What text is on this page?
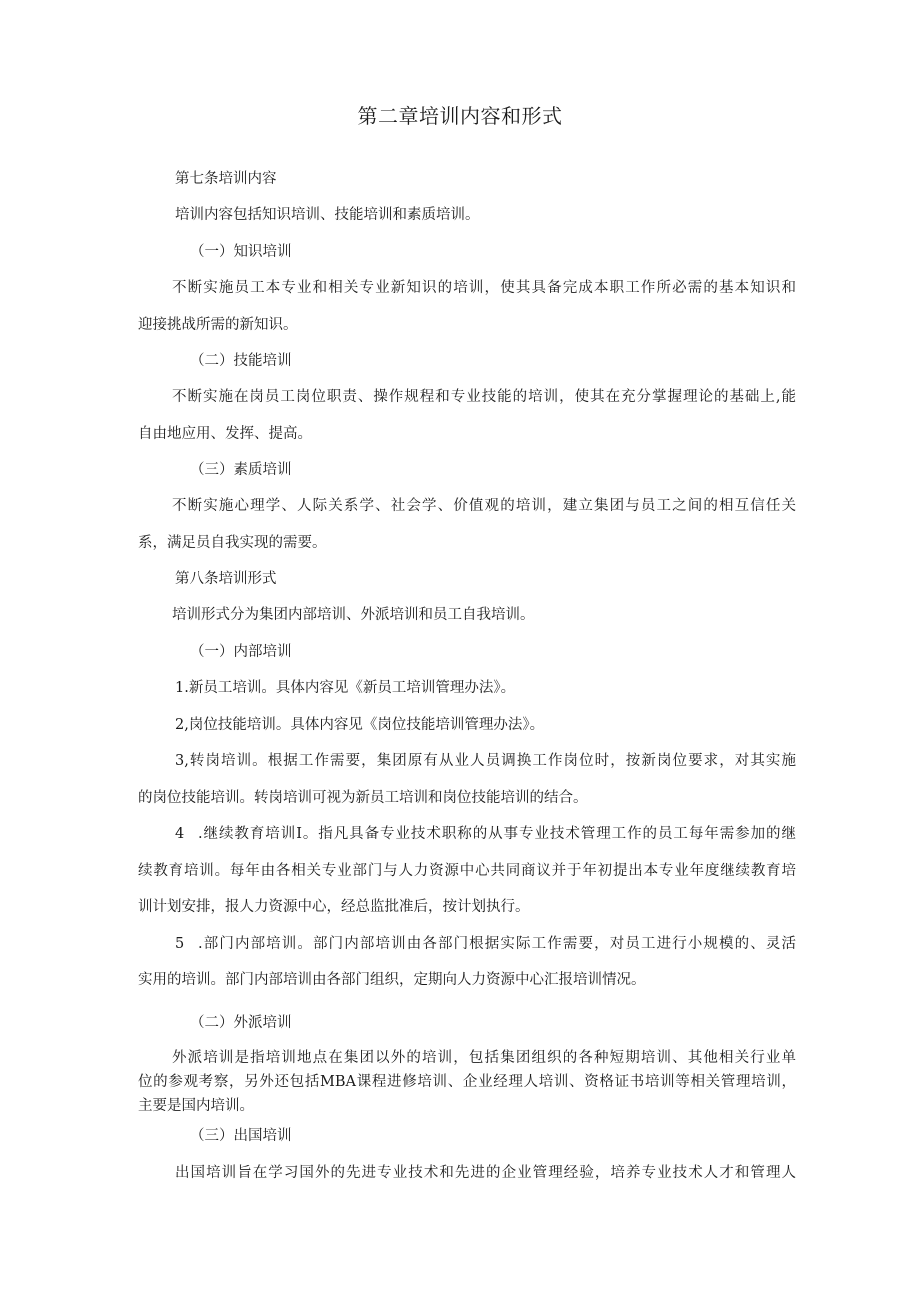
第二章培训内容和形式
第七条培训内容
培训内容包括知识培训、技能培训和素质培训。
（一）知识培训
不断实施员工本专业和相关专业新知识的培训，使其具备完成本职工作所必需的基本知识和
迎接挑战所需的新知识。
（二）技能培训
不断实施在岗员工岗位职责、操作规程和专业技能的培训，使其在充分掌握理论的基础上,能
自由地应用、发挥、提高。
（三）素质培训
不断实施心理学、人际关系学、社会学、价值观的培训，建立集团与员工之间的相互信任关
系，满足员自我实现的需要。
第八条培训形式
培训形式分为集团内部培训、外派培训和员工自我培训。
（一）内部培训
1.新员工培训。具体内容见《新员工培训管理办法》。
2,岗位技能培训。具体内容见《岗位技能培训管理办法》。
3,转岗培训。根据工作需要，集团原有从业人员调换工作岗位时，按新岗位要求，对其实施
的岗位技能培训。转岗培训可视为新员工培训和岗位技能培训的结合。
4 .继续教育培训I。指凡具备专业技术职称的从事专业技术管理工作的员工每年需参加的继
续教育培训。每年由各相关专业部门与人力资源中心共同商议并于年初提出本专业年度继续教育培
训计划安排，报人力资源中心，经总监批准后，按计划执行。
5 .部门内部培训。部门内部培训由各部门根据实际工作需要，对员工进行小规模的、灵活
实用的培训。部门内部培训由各部门组织，定期向人力资源中心汇报培训情况。
（二）外派培训
外派培训是指培训地点在集团以外的培训，包括集团组织的各种短期培训、其他相关行业单
位的参观考察，另外还包括MBA课程进修培训、企业经理人培训、资格证书培训等相关管理培训，
主要是国内培训。
（三）出国培训
出国培训旨在学习国外的先进专业技术和先进的企业管理经验，培养专业技术人才和管理人
